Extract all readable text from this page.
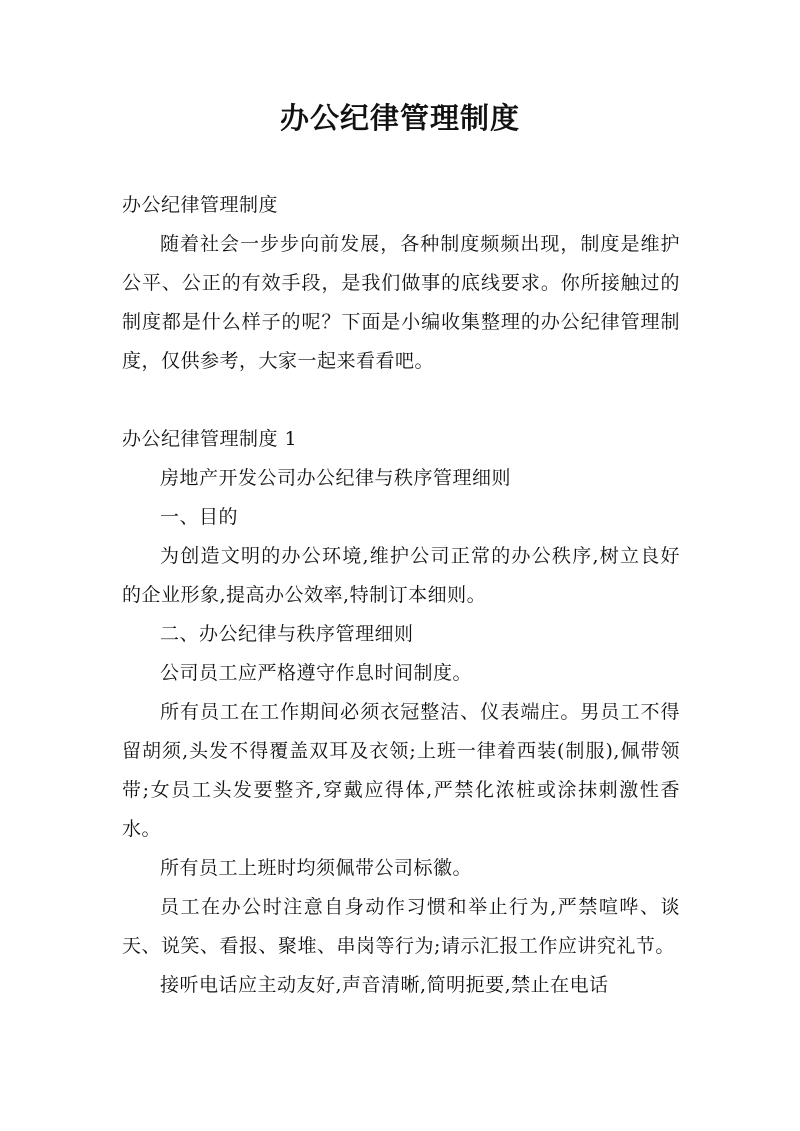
办公纪律管理制度

办公纪律管理制度

随着社会一步步向前发展，各种制度频频出现，制度是维护公平、公正的有效手段，是我们做事的底线要求。你所接触过的制度都是什么样子的呢？下面是小编收集整理的办公纪律管理制度，仅供参考，大家一起来看看吧。

办公纪律管理制度 1

房地产开发公司办公纪律与秩序管理细则

一、目的

为创造文明的办公环境,维护公司正常的办公秩序,树立良好的企业形象,提高办公效率,特制订本细则。

二、办公纪律与秩序管理细则

公司员工应严格遵守作息时间制度。

所有员工在工作期间必须衣冠整洁、仪表端庄。男员工不得留胡须,头发不得覆盖双耳及衣领;上班一律着西装(制服),佩带领带;女员工头发要整齐,穿戴应得体,严禁化浓桩或涂抹刺激性香水。

所有员工上班时均须佩带公司标徽。

员工在办公时注意自身动作习惯和举止行为,严禁喧哗、谈天、说笑、看报、聚堆、串岗等行为;请示汇报工作应讲究礼节。

接听电话应主动友好,声音清晰,简明扼要,禁止在电话
